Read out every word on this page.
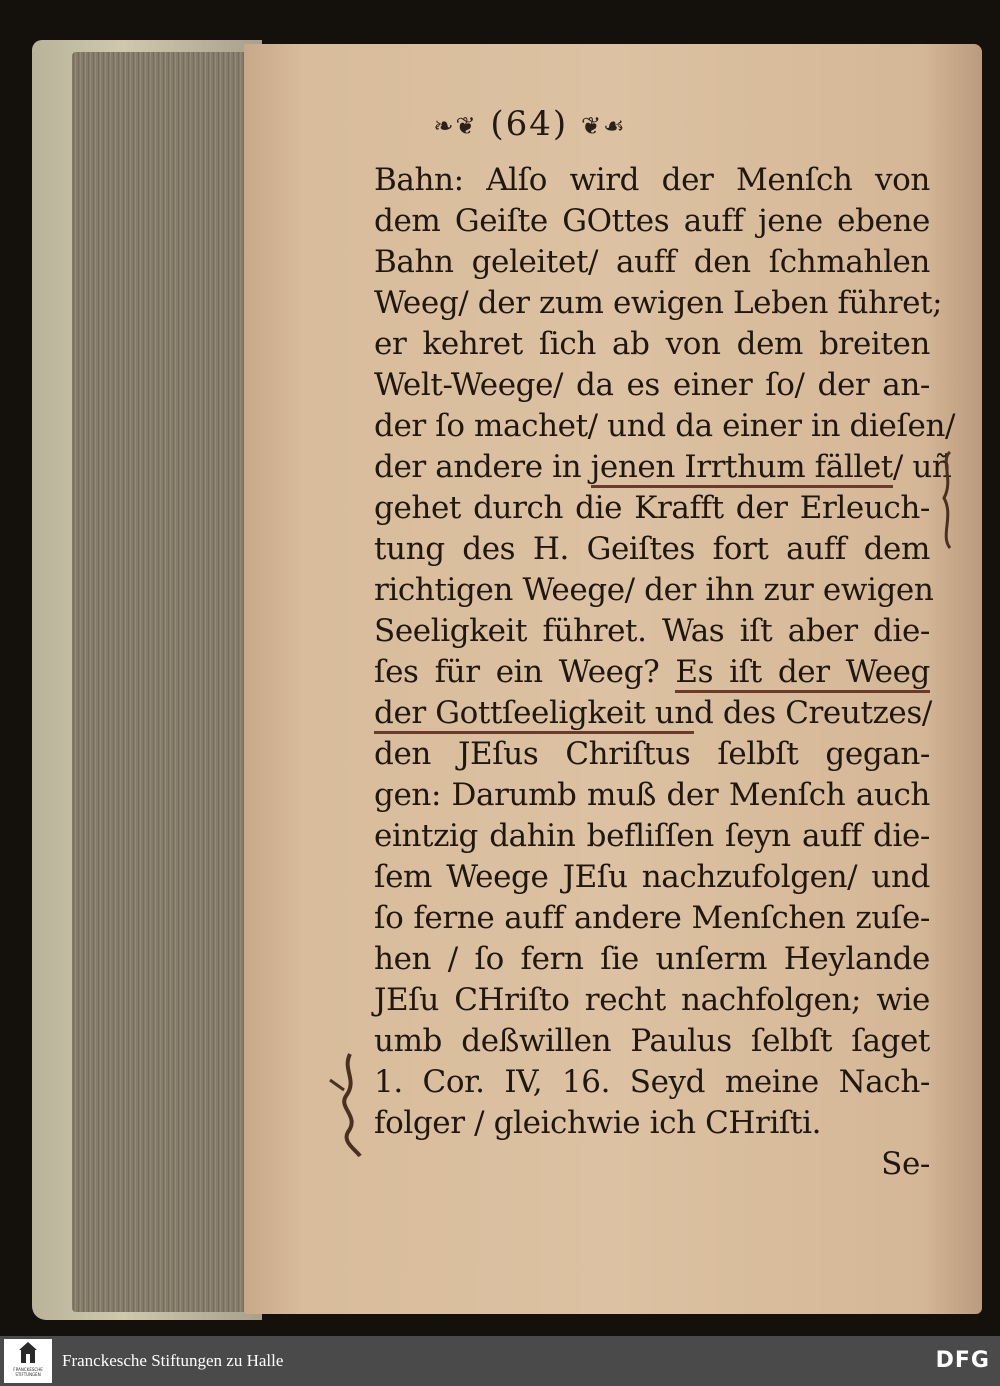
❧❦ (64) ❦☙
Bahn: Alſo wird der Menſch von
dem Geiſte GOttes auff jene ebene
Bahn geleitet/ auff den ſchmahlen
Weeg/ der zum ewigen Leben führet;
er kehret ſich ab von dem breiten
Welt-Weege/ da es einer ſo/ der an-
der ſo machet/ und da einer in dieſen/
der andere in jenen Irrthum fället/ uñ
gehet durch die Krafft der Erleuch-
tung des H. Geiſtes fort auff dem
richtigen Weege/ der ihn zur ewigen
Seeligkeit führet. Was iſt aber die-
ſes für ein Weeg? Es iſt der Weeg
der Gottſeeligkeit und des Creutzes/
den JEſus Chriſtus ſelbſt gegan-
gen: Darumb muß der Menſch auch
eintzig dahin befliſſen ſeyn auff die-
ſem Weege JEſu nachzufolgen/ und
ſo ferne auff andere Menſchen zuſe-
hen / ſo fern ſie unſerm Heylande
JEſu CHriſto recht nachfolgen; wie
umb deßwillen Paulus ſelbſt ſaget
1. Cor. IV, 16. Seyd meine Nach-
folger / gleichwie ich CHriſti.
Se-
FRANCKESCHE STIFTUNGEN
Franckesche Stiftungen zu Halle	DFG
